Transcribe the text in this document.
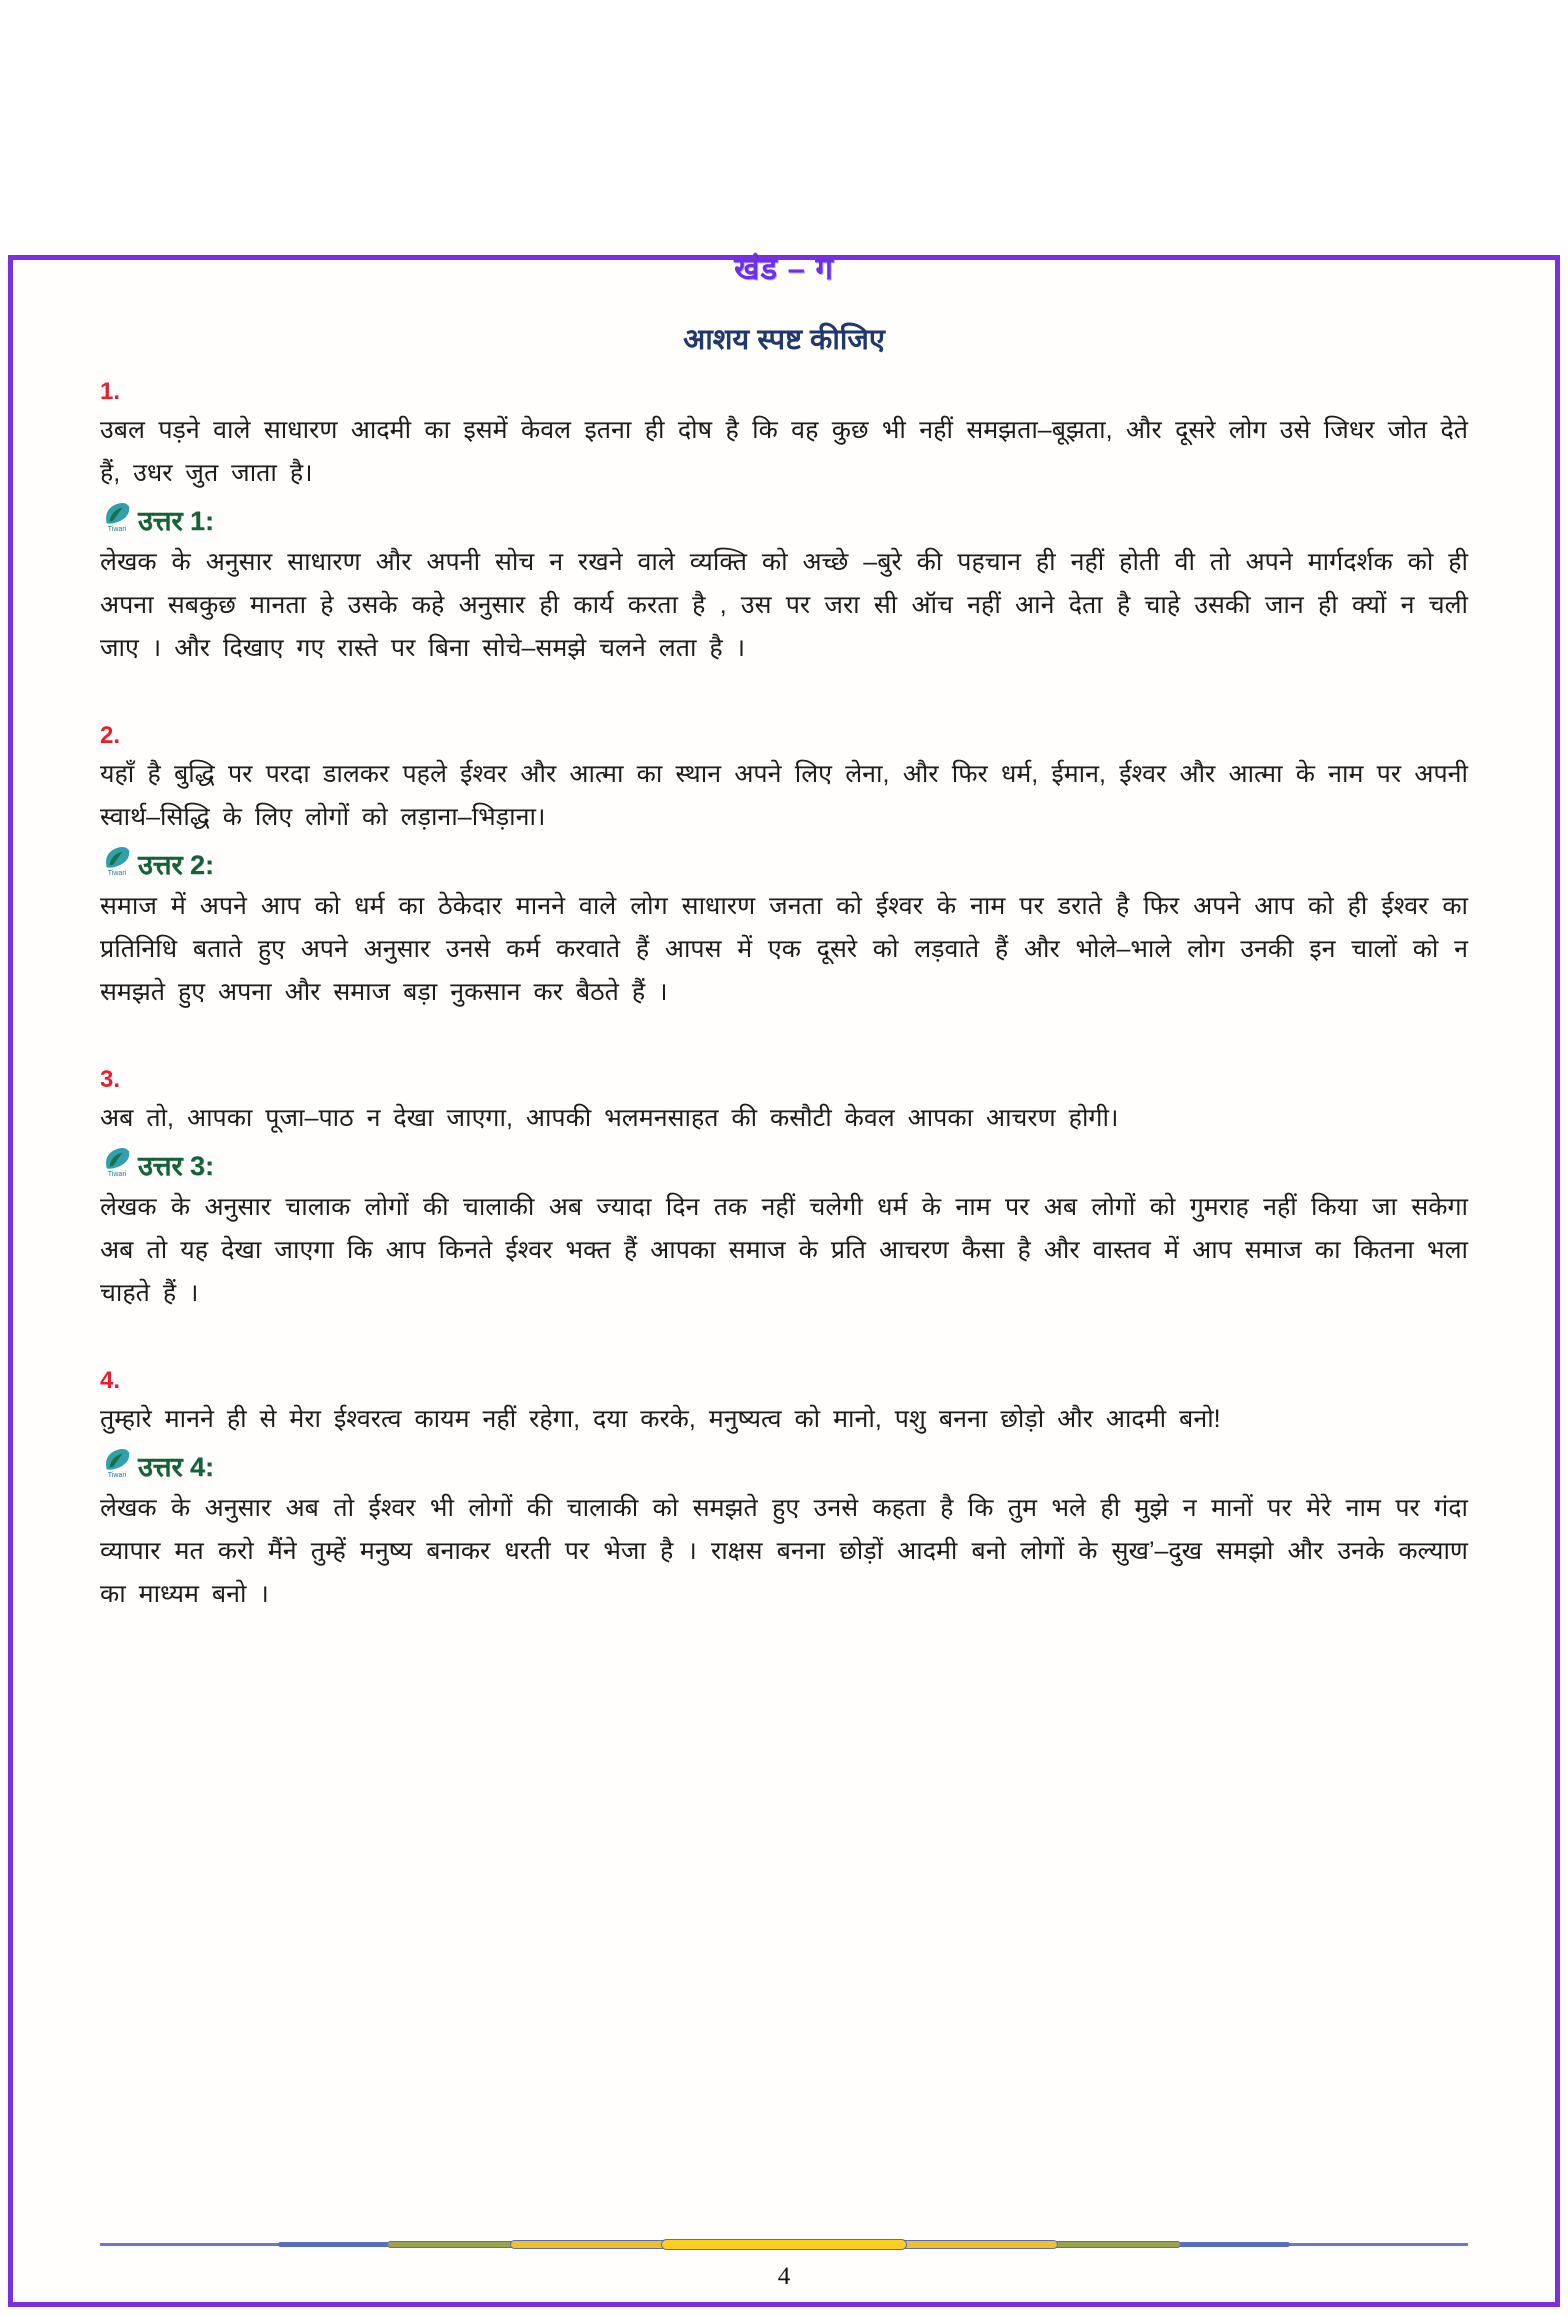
खंड – ग
आशय स्पष्ट कीजिए
1.

उबल पड़ने वाले साधारण आदमी का इसमें केवल इतना ही दोष है कि वह कुछ भी नहीं समझता–बूझता, और दूसरे लोग उसे जिधर जोत देते हैं, उधर जुत जाता है।

Tiwari उत्तर 1:

लेखक के अनुसार साधारण और अपनी सोच न रखने वाले व्यक्ति को अच्छे –बुरे की पहचान ही नहीं होती वी तो अपने मार्गदर्शक को ही अपना सबकुछ मानता हे उसके कहे अनुसार ही कार्य करता है , उस पर जरा सी ऑच नहीं आने देता है चाहे उसकी जान ही क्यों न चली जाए । और दिखाए गए रास्ते पर बिना सोचे–समझे चलने लता है ।

2.

यहाँ है बुद्धि पर परदा डालकर पहले ईश्वर और आत्मा का स्थान अपने लिए लेना, और फिर धर्म, ईमान, ईश्वर और आत्मा के नाम पर अपनी स्वार्थ–सिद्धि के लिए लोगों को लड़ाना–भिड़ाना।

Tiwari उत्तर 2:

समाज में अपने आप को धर्म का ठेकेदार मानने वाले लोग साधारण जनता को ईश्वर के नाम पर डराते है फिर अपने आप को ही ईश्वर का प्रतिनिधि बताते हुए अपने अनुसार उनसे कर्म करवाते हैं आपस में एक दूसरे को लड़वाते हैं और भोले–भाले लोग उनकी इन चालों को न समझते हुए अपना और समाज बड़ा नुकसान कर बैठते हैं ।

3.

अब तो, आपका पूजा–पाठ न देखा जाएगा, आपकी भलमनसाहत की कसौटी केवल आपका आचरण होगी।

Tiwari उत्तर 3:

लेखक के अनुसार चालाक लोगों की चालाकी अब ज्यादा दिन तक नहीं चलेगी धर्म के नाम पर अब लोगों को गुमराह नहीं किया जा सकेगा अब तो यह देखा जाएगा कि आप किनते ईश्वर भक्त हैं आपका समाज के प्रति आचरण कैसा है और वास्तव में आप समाज का कितना भला चाहते हैं ।

4.

तुम्हारे मानने ही से मेरा ईश्वरत्व कायम नहीं रहेगा, दया करके, मनुष्यत्व को मानो, पशु बनना छोड़ो और आदमी बनो!

Tiwari उत्तर 4:

लेखक के अनुसार अब तो ईश्वर भी लोगों की चालाकी को समझते हुए उनसे कहता है कि तुम भले ही मुझे न मानों पर मेरे नाम पर गंदा व्यापार मत करो मैंने तुम्हें मनुष्य बनाकर धरती पर भेजा है । राक्षस बनना छोड़ों आदमी बनो लोगों के सुख’–दुख समझो और उनके कल्याण का माध्यम बनो ।

4
